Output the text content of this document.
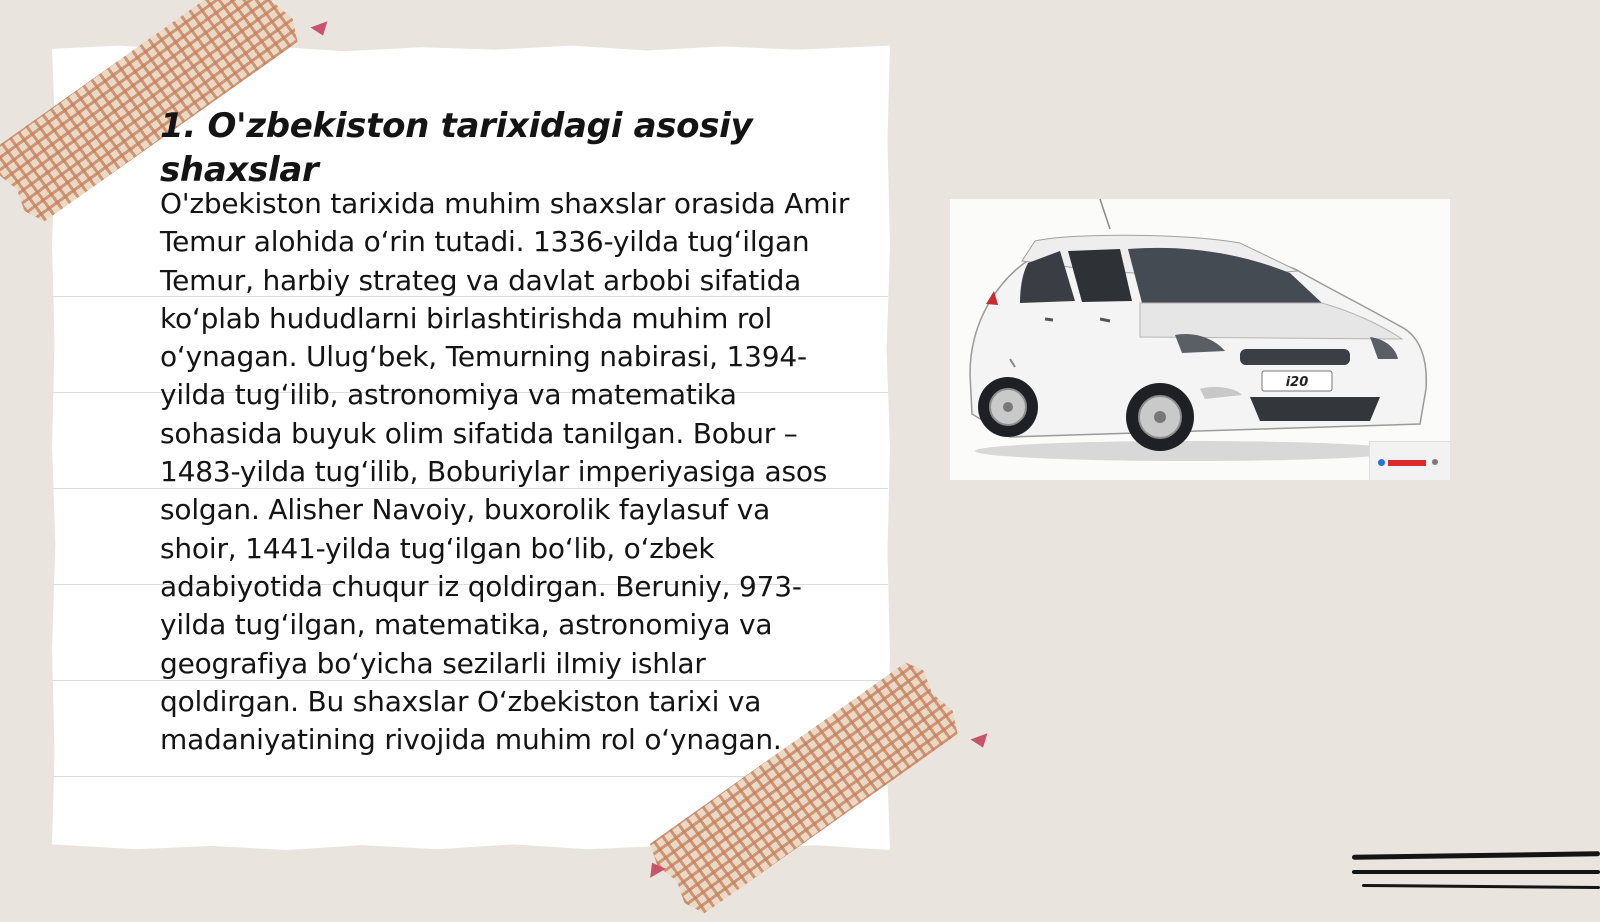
1. O'zbekiston tarixidagi asosiy shaxslar

O'zbekiston tarixida muhim shaxslar orasida Amir Temur alohida oʻrin tutadi. 1336-yilda tugʻilgan Temur, harbiy strateg va davlat arbobi sifatida koʻplab hududlarni birlashtirishda muhim rol oʻynagan. Ulugʻbek, Temurning nabirasi, 1394-yilda tugʻilib, astronomiya va matematika sohasida buyuk olim sifatida tanilgan. Bobur – 1483-yilda tugʻilib, Boburiylar imperiyasiga asos solgan. Alisher Navoiy, buxorolik faylasuf va shoir, 1441-yilda tugʻilgan boʻlib, oʻzbek adabiyotida chuqur iz qoldirgan. Beruniy, 973-yilda tugʻilgan, matematika, astronomiya va geografiya boʻyicha sezilarli ilmiy ishlar qoldirgan. Bu shaxslar Oʻzbekiston tarixi va madaniyatining rivojida muhim rol oʻynagan.

i20
